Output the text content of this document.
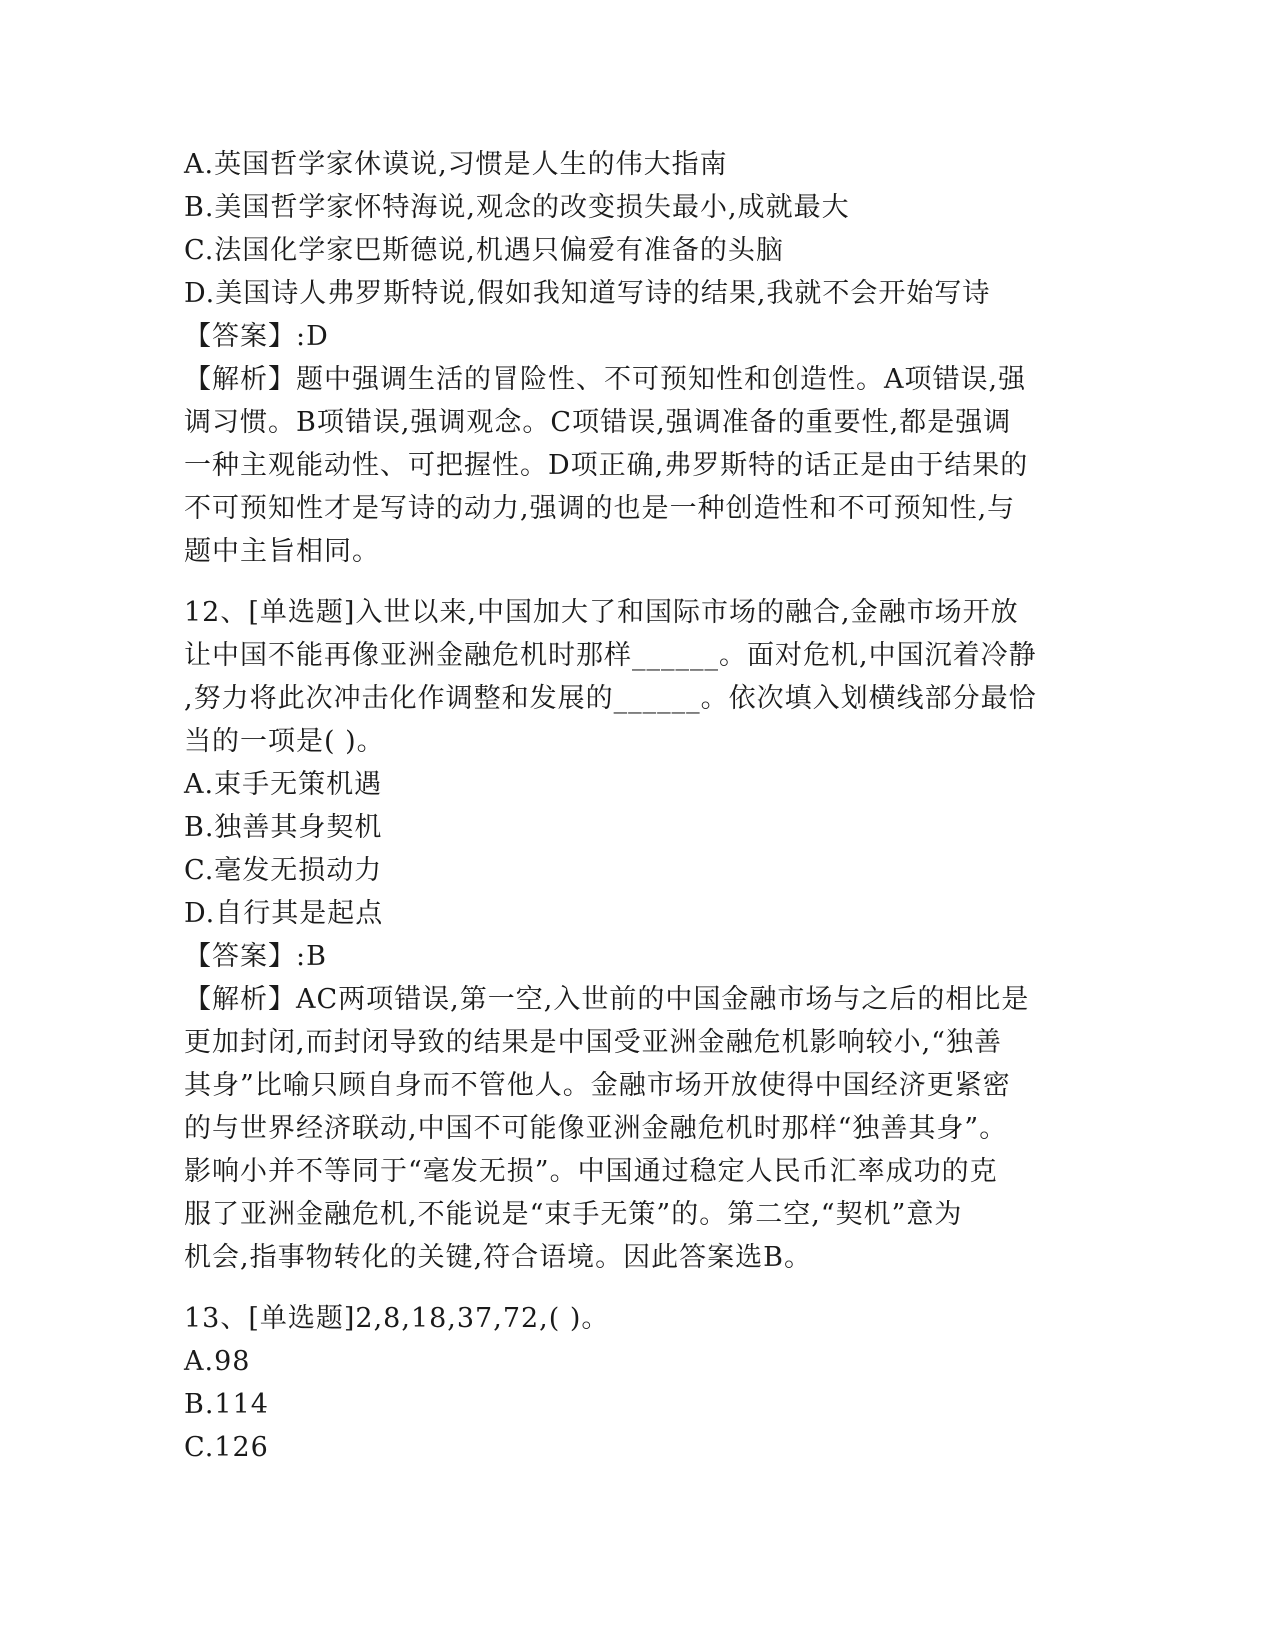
A.英国哲学家休谟说,习惯是人生的伟大指南
B.美国哲学家怀特海说,观念的改变损失最小,成就最大
C.法国化学家巴斯德说,机遇只偏爱有准备的头脑
D.美国诗人弗罗斯特说,假如我知道写诗的结果,我就不会开始写诗
【答案】:D
【解析】题中强调生活的冒险性、不可预知性和创造性。A项错误,强
调习惯。B项错误,强调观念。C项错误,强调准备的重要性,都是强调
一种主观能动性、可把握性。D项正确,弗罗斯特的话正是由于结果的
不可预知性才是写诗的动力,强调的也是一种创造性和不可预知性,与
题中主旨相同。
12、[单选题]入世以来,中国加大了和国际市场的融合,金融市场开放
让中国不能再像亚洲金融危机时那样______。面对危机,中国沉着冷静
,努力将此次冲击化作调整和发展的______。依次填入划横线部分最恰
当的一项是( )。
A.束手无策机遇
B.独善其身契机
C.毫发无损动力
D.自行其是起点
【答案】:B
【解析】AC两项错误,第一空,入世前的中国金融市场与之后的相比是
更加封闭,而封闭导致的结果是中国受亚洲金融危机影响较小,“独善
其身”比喻只顾自身而不管他人。金融市场开放使得中国经济更紧密
的与世界经济联动,中国不可能像亚洲金融危机时那样“独善其身”。
影响小并不等同于“毫发无损”。中国通过稳定人民币汇率成功的克
服了亚洲金融危机,不能说是“束手无策”的。第二空,“契机”意为
机会,指事物转化的关键,符合语境。因此答案选B。
13、[单选题]2,8,18,37,72,( )。
A.98
B.114
C.126
